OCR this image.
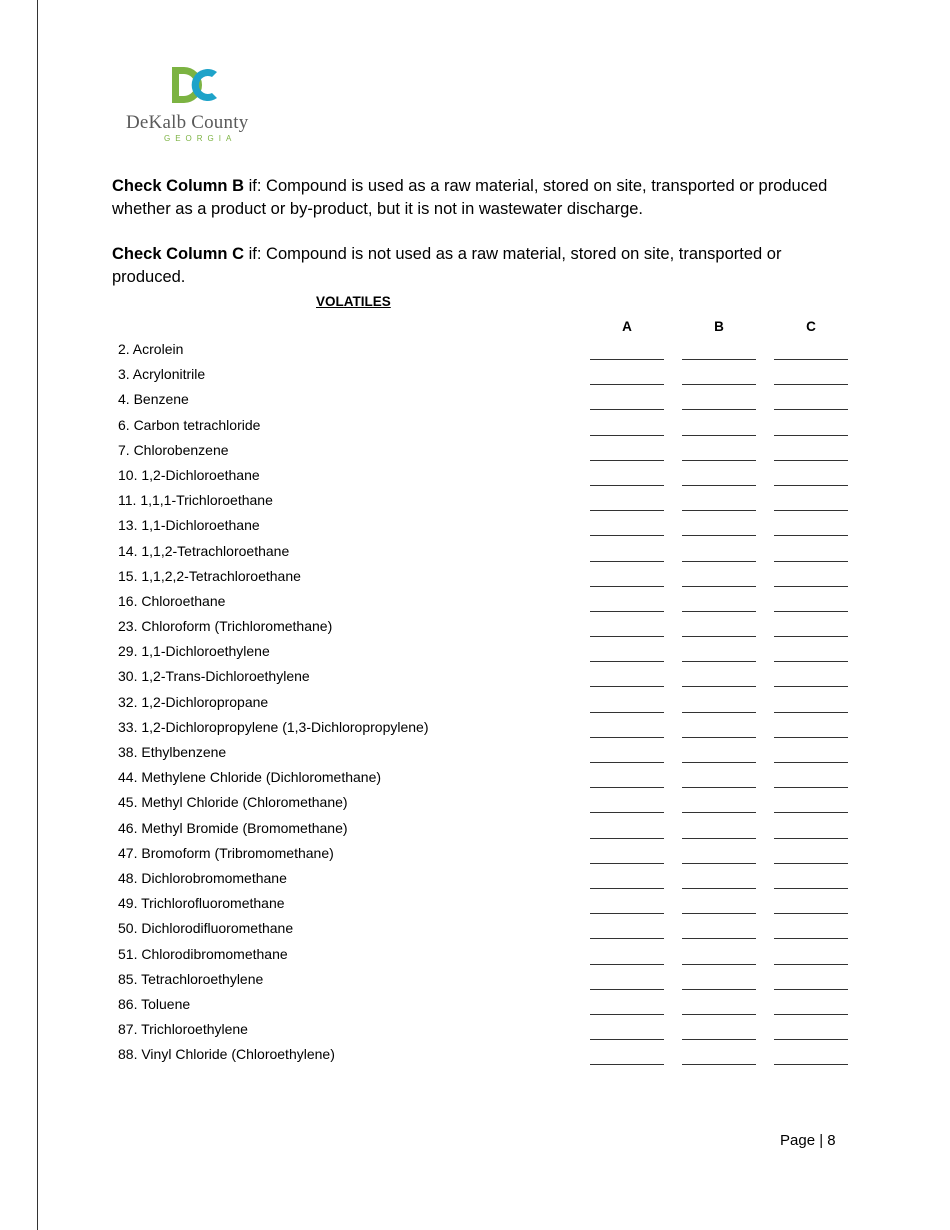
DeKalb County
GEORGIA
Check Column B if: Compound is used as a raw material, stored on site, transported or produced whether as a product or by-product, but it is not in wastewater discharge.
Check Column C if: Compound is not used as a raw material, stored on site, transported or produced.
VOLATILES
A	B	C
2. Acrolein
3. Acrylonitrile
4. Benzene
6. Carbon tetrachloride
7. Chlorobenzene
10. 1,2-Dichloroethane
11. 1,1,1-Trichloroethane
13. 1,1-Dichloroethane
14. 1,1,2-Tetrachloroethane
15. 1,1,2,2-Tetrachloroethane
16. Chloroethane
23. Chloroform (Trichloromethane)
29. 1,1-Dichloroethylene
30. 1,2-Trans-Dichloroethylene
32. 1,2-Dichloropropane
33. 1,2-Dichloropropylene (1,3-Dichloropropylene)
38. Ethylbenzene
44. Methylene Chloride (Dichloromethane)
45. Methyl Chloride (Chloromethane)
46. Methyl Bromide (Bromomethane)
47. Bromoform (Tribromomethane)
48. Dichlorobromomethane
49. Trichlorofluoromethane
50. Dichlorodifluoromethane
51. Chlorodibromomethane
85. Tetrachloroethylene
86. Toluene
87. Trichloroethylene
88. Vinyl Chloride (Chloroethylene)
Page | 8
